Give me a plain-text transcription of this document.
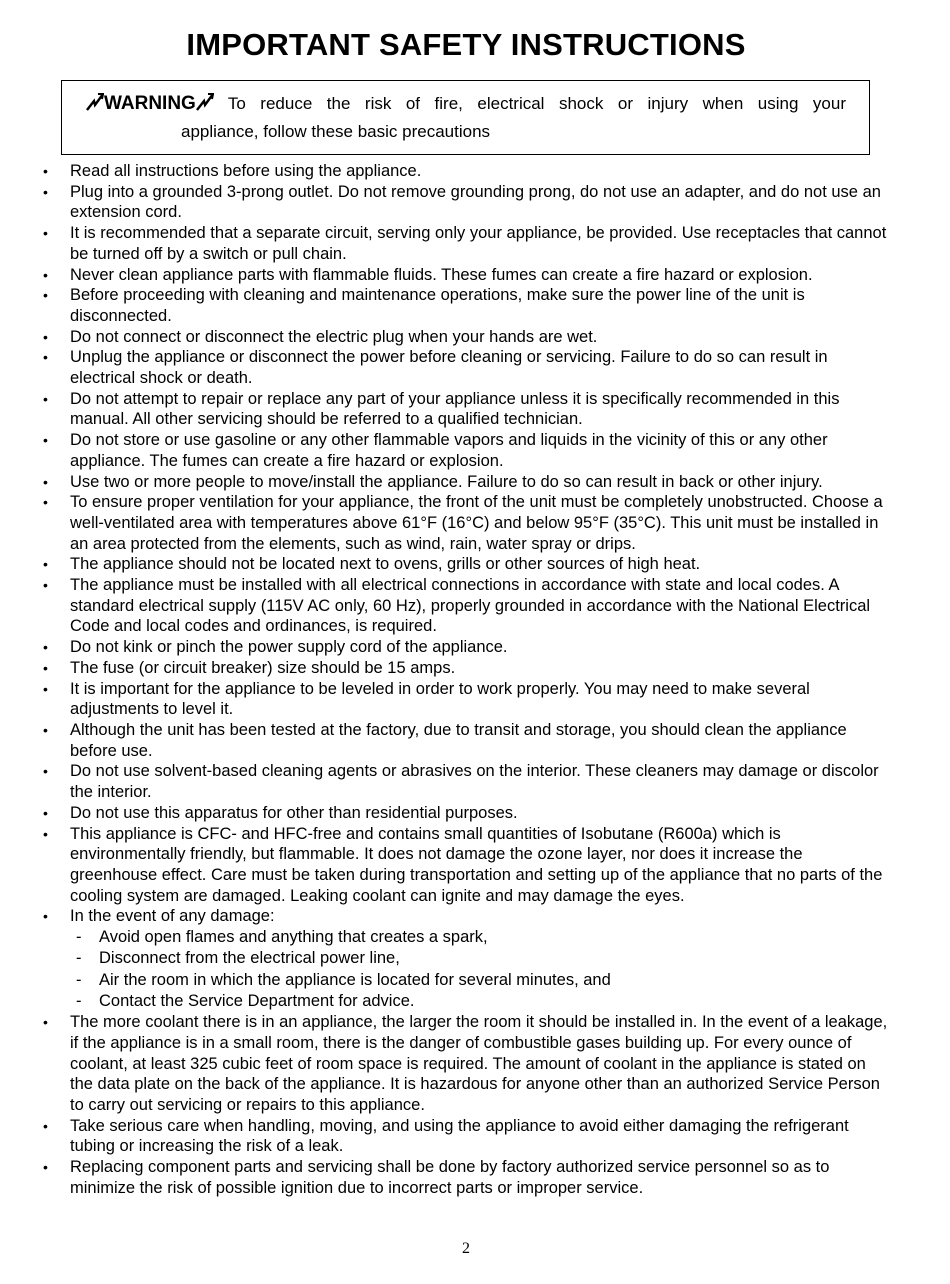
IMPORTANT SAFETY INSTRUCTIONS
WARNING	To reduce the risk of fire, electrical shock or injury when using your
appliance, follow these basic precautions
• Read all instructions before using the appliance.
• Plug into a grounded 3-prong outlet. Do not remove grounding prong, do not use an adapter, and do not use an extension cord.
• It is recommended that a separate circuit, serving only your appliance, be provided. Use receptacles that cannot be turned off by a switch or pull chain.
• Never clean appliance parts with flammable fluids. These fumes can create a fire hazard or explosion.
• Before proceeding with cleaning and maintenance operations, make sure the power line of the unit is disconnected.
• Do not connect or disconnect the electric plug when your hands are wet.
• Unplug the appliance or disconnect the power before cleaning or servicing. Failure to do so can result in electrical shock or death.
• Do not attempt to repair or replace any part of your appliance unless it is specifically recommended in this manual. All other servicing should be referred to a qualified technician.
• Do not store or use gasoline or any other flammable vapors and liquids in the vicinity of this or any other appliance. The fumes can create a fire hazard or explosion.
• Use two or more people to move/install the appliance. Failure to do so can result in back or other injury.
• To ensure proper ventilation for your appliance, the front of the unit must be completely unobstructed. Choose a well-ventilated area with temperatures above 61°F (16°C) and below 95°F (35°C). This unit must be installed in an area protected from the elements, such as wind, rain, water spray or drips.
• The appliance should not be located next to ovens, grills or other sources of high heat.
• The appliance must be installed with all electrical connections in accordance with state and local codes. A standard electrical supply (115V AC only, 60 Hz), properly grounded in accordance with the National Electrical Code and local codes and ordinances, is required.
• Do not kink or pinch the power supply cord of the appliance.
• The fuse (or circuit breaker) size should be 15 amps.
• It is important for the appliance to be leveled in order to work properly. You may need to make several adjustments to level it.
• Although the unit has been tested at the factory, due to transit and storage, you should clean the appliance before use.
• Do not use solvent-based cleaning agents or abrasives on the interior. These cleaners may damage or discolor the interior.
• Do not use this apparatus for other than residential purposes.
• This appliance is CFC- and HFC-free and contains small quantities of Isobutane (R600a) which is environmentally friendly, but flammable. It does not damage the ozone layer, nor does it increase the greenhouse effect. Care must be taken during transportation and setting up of the appliance that no parts of the cooling system are damaged. Leaking coolant can ignite and may damage the eyes.
• In the event of any damage:
- Avoid open flames and anything that creates a spark,
- Disconnect from the electrical power line,
- Air the room in which the appliance is located for several minutes, and
- Contact the Service Department for advice.
• The more coolant there is in an appliance, the larger the room it should be installed in. In the event of a leakage, if the appliance is in a small room, there is the danger of combustible gases building up. For every ounce of coolant, at least 325 cubic feet of room space is required. The amount of coolant in the appliance is stated on the data plate on the back of the appliance. It is hazardous for anyone other than an authorized Service Person to carry out servicing or repairs to this appliance.
• Take serious care when handling, moving, and using the appliance to avoid either damaging the refrigerant tubing or increasing the risk of a leak.
• Replacing component parts and servicing shall be done by factory authorized service personnel so as to minimize the risk of possible ignition due to incorrect parts or improper service.
2
